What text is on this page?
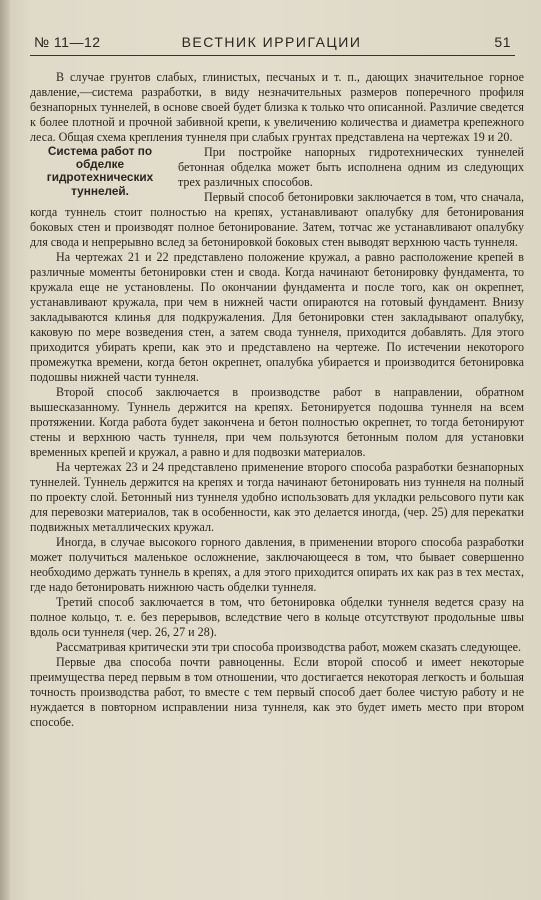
№ 11—12	ВЕСТНИК ИРРИГАЦИИ	51

В случае грунтов слабых, глинистых, песчаных и т. п., дающих значительное горное давление,—система разработки, в виду незначительных размеров поперечного профиля безнапорных туннелей, в основе своей будет близка к только что описанной. Различие сведется к более плотной и прочной забивной крепи, к увеличению количества и диаметра крепежного леса. Общая схема крепления туннеля при слабых грунтах представлена на чертежах 19 и 20.

Система работ по обделке гидротехнических туннелей.

При постройке напорных гидротехнических туннелей бетонная обделка может быть исполнена одним из следующих трех различных способов.

Первый способ бетонировки заключается в том, что сначала, когда туннель стоит полностью на крепях, устанавливают опалубку для бетонирования боковых стен и производят полное бетонирование. Затем, тотчас же устанавливают опалубку для свода и непрерывно вслед за бетонировкой боковых стен выводят верхнюю часть туннеля.

На чертежах 21 и 22 представлено положение кружал, а равно расположение крепей в различные моменты бетонировки стен и свода. Когда начинают бетонировку фундамента, то кружала еще не установлены. По окончании фундамента и после того, как он окрепнет, устанавливают кружала, при чем в нижней части опираются на готовый фундамент. Внизу закладываются клинья для подкружаления. Для бетонировки стен закладывают опалубку, каковую по мере возведения стен, а затем свода туннеля, приходится добавлять. Для этого приходится убирать крепи, как это и представлено на чертеже. По истечении некоторого промежутка времени, когда бетон окрепнет, опалубка убирается и производится бетонировка подошвы нижней части туннеля.

Второй способ заключается в производстве работ в направлении, обратном вышесказанному. Туннель держится на крепях. Бетонируется подошва туннеля на всем протяжении. Когда работа будет закончена и бетон полностью окрепнет, то тогда бетонируют стены и верхнюю часть туннеля, при чем пользуются бетонным полом для установки временных крепей и кружал, а равно и для подвозки материалов.

На чертежах 23 и 24 представлено применение второго способа разработки безнапорных туннелей. Туннель держится на крепях и тогда начинают бетонировать низ туннеля на полный по проекту слой. Бетонный низ туннеля удобно использовать для укладки рельсового пути как для перевозки материалов, так в особенности, как это делается иногда, (чер. 25) для перекатки подвижных металлических кружал.

Иногда, в случае высокого горного давления, в применении второго способа разработки может получиться маленькое осложнение, заключающееся в том, что бывает совершенно необходимо держать туннель в крепях, а для этого приходится опирать их как раз в тех местах, где надо бетонировать нижнюю часть обделки туннеля.

Третий способ заключается в том, что бетонировка обделки туннеля ведется сразу на полное кольцо, т. е. без перерывов, вследствие чего в кольце отсутствуют продольные швы вдоль оси туннеля (чер. 26, 27 и 28).

Рассматривая критически эти три способа производства работ, можем сказать следующее.

Первые два способа почти равноценны. Если второй способ и имеет некоторые преимущества перед первым в том отношении, что достигается некоторая легкость и большая точность производства работ, то вместе с тем первый способ дает более чистую работу и не нуждается в повторном исправлении низа туннеля, как это будет иметь место при втором способе.
